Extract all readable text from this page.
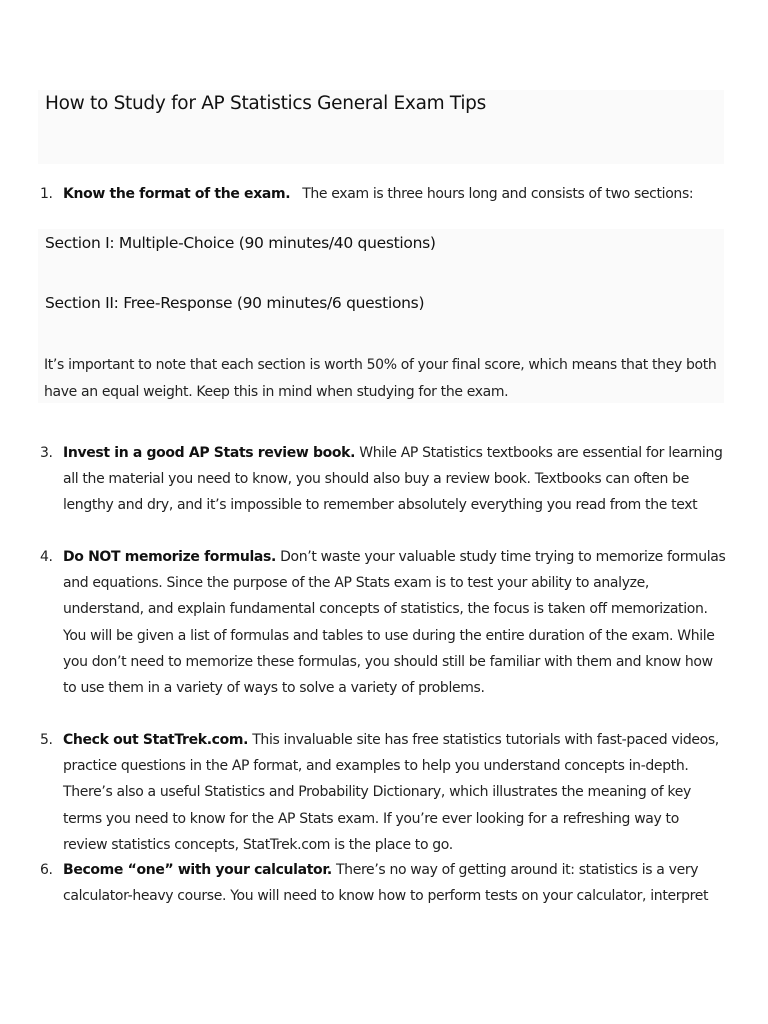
How to Study for AP Statistics General Exam Tips
1. Know the format of the exam. The exam is three hours long and consists of two sections:
Section I: Multiple-Choice (90 minutes/40 questions)
Section II: Free-Response (90 minutes/6 questions)
It’s important to note that each section is worth 50% of your final score, which means that they both have an equal weight. Keep this in mind when studying for the exam.
3. Invest in a good AP Stats review book. While AP Statistics textbooks are essential for learning all the material you need to know, you should also buy a review book. Textbooks can often be lengthy and dry, and it’s impossible to remember absolutely everything you read from the text
4. Do NOT memorize formulas. Don’t waste your valuable study time trying to memorize formulas and equations. Since the purpose of the AP Stats exam is to test your ability to analyze, understand, and explain fundamental concepts of statistics, the focus is taken off memorization. You will be given a list of formulas and tables to use during the entire duration of the exam. While you don’t need to memorize these formulas, you should still be familiar with them and know how to use them in a variety of ways to solve a variety of problems.
5. Check out StatTrek.com. This invaluable site has free statistics tutorials with fast-paced videos, practice questions in the AP format, and examples to help you understand concepts in-depth. There’s also a useful Statistics and Probability Dictionary, which illustrates the meaning of key terms you need to know for the AP Stats exam. If you’re ever looking for a refreshing way to review statistics concepts, StatTrek.com is the place to go.
6. Become “one” with your calculator. There’s no way of getting around it: statistics is a very calculator-heavy course. You will need to know how to perform tests on your calculator, interpret
